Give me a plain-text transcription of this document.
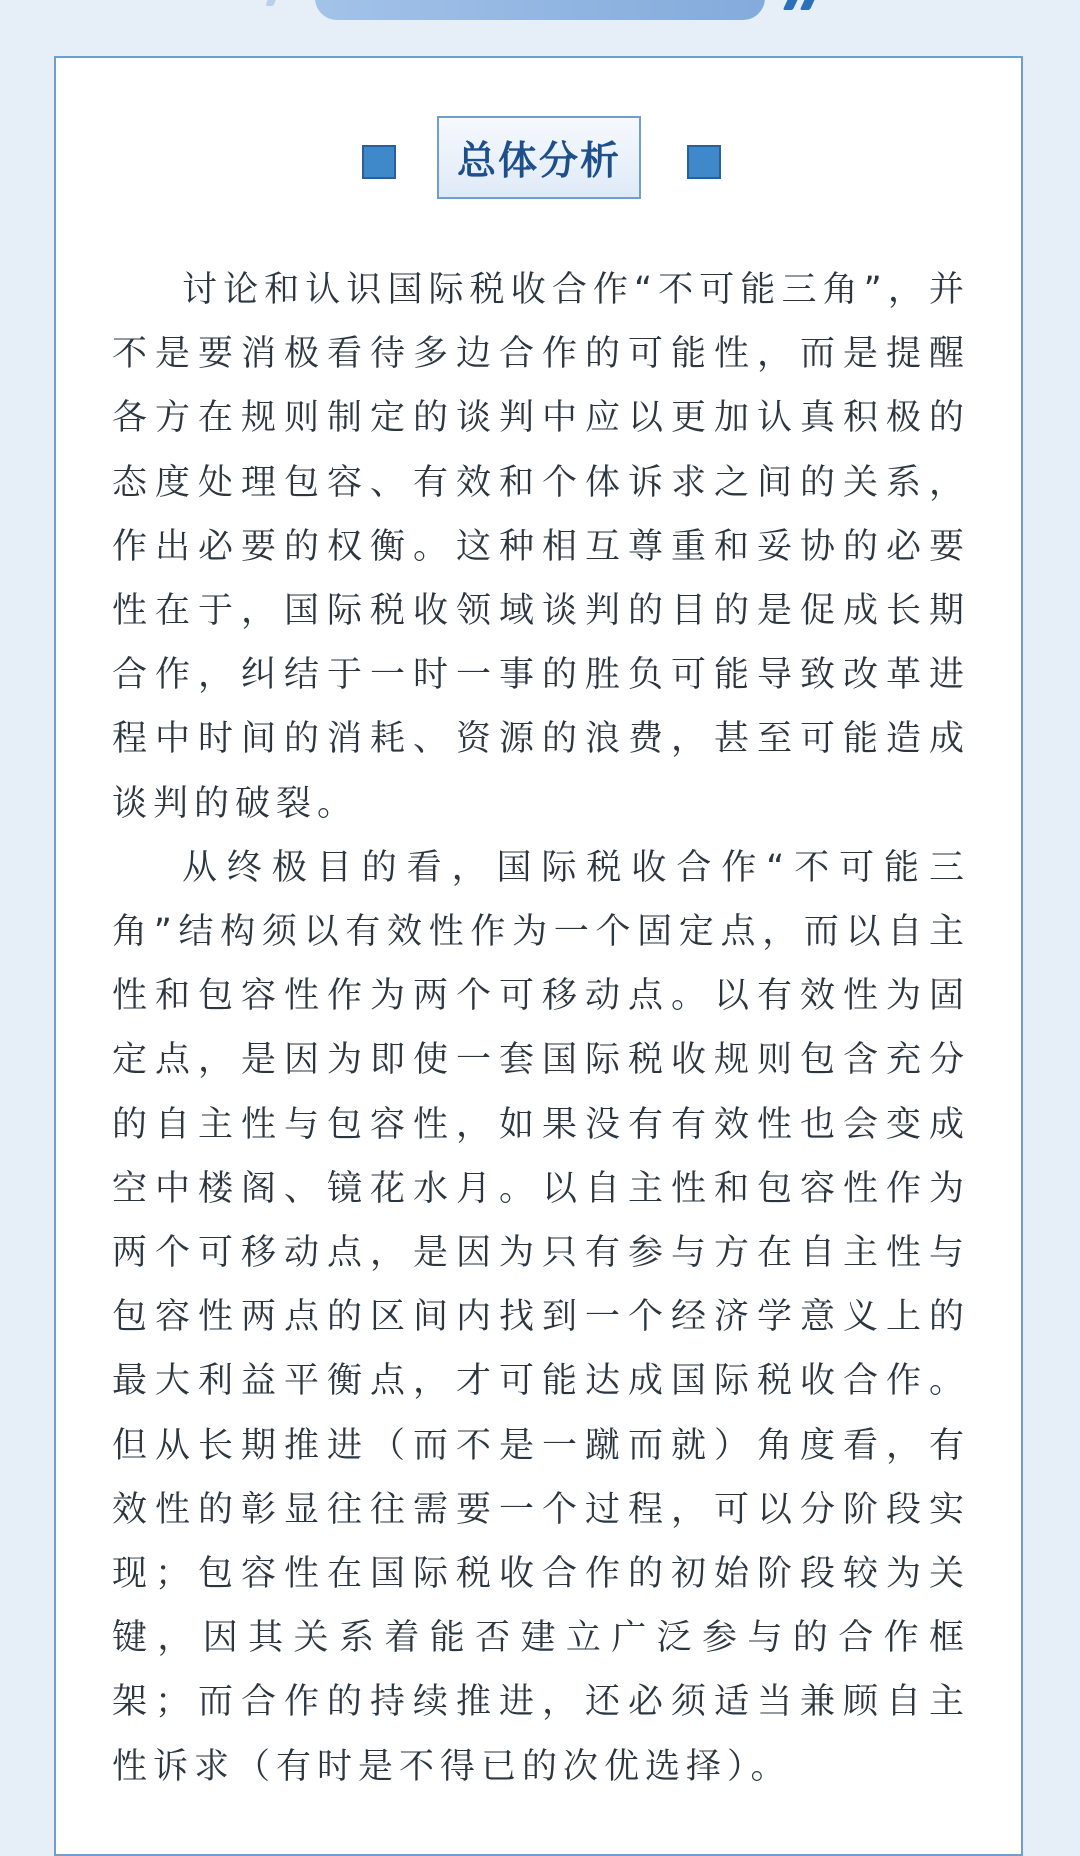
总体分析

讨论和认识国际税收合作“不可能三角”，并不是要消极看待多边合作的可能性，而是提醒各方在规则制定的谈判中应以更加认真积极的态度处理包容、有效和个体诉求之间的关系，作出必要的权衡。这种相互尊重和妥协的必要性在于，国际税收领域谈判的目的是促成长期合作，纠结于一时一事的胜负可能导致改革进程中时间的消耗、资源的浪费，甚至可能造成谈判的破裂。

从终极目的看，国际税收合作“不可能三角”结构须以有效性作为一个固定点，而以自主性和包容性作为两个可移动点。以有效性为固定点，是因为即使一套国际税收规则包含充分的自主性与包容性，如果没有有效性也会变成空中楼阁、镜花水月。以自主性和包容性作为两个可移动点，是因为只有参与方在自主性与包容性两点的区间内找到一个经济学意义上的最大利益平衡点，才可能达成国际税收合作。但从长期推进（而不是一蹴而就）角度看，有效性的彰显往往需要一个过程，可以分阶段实现；包容性在国际税收合作的初始阶段较为关键，因其关系着能否建立广泛参与的合作框架；而合作的持续推进，还必须适当兼顾自主性诉求（有时是不得已的次优选择）。
